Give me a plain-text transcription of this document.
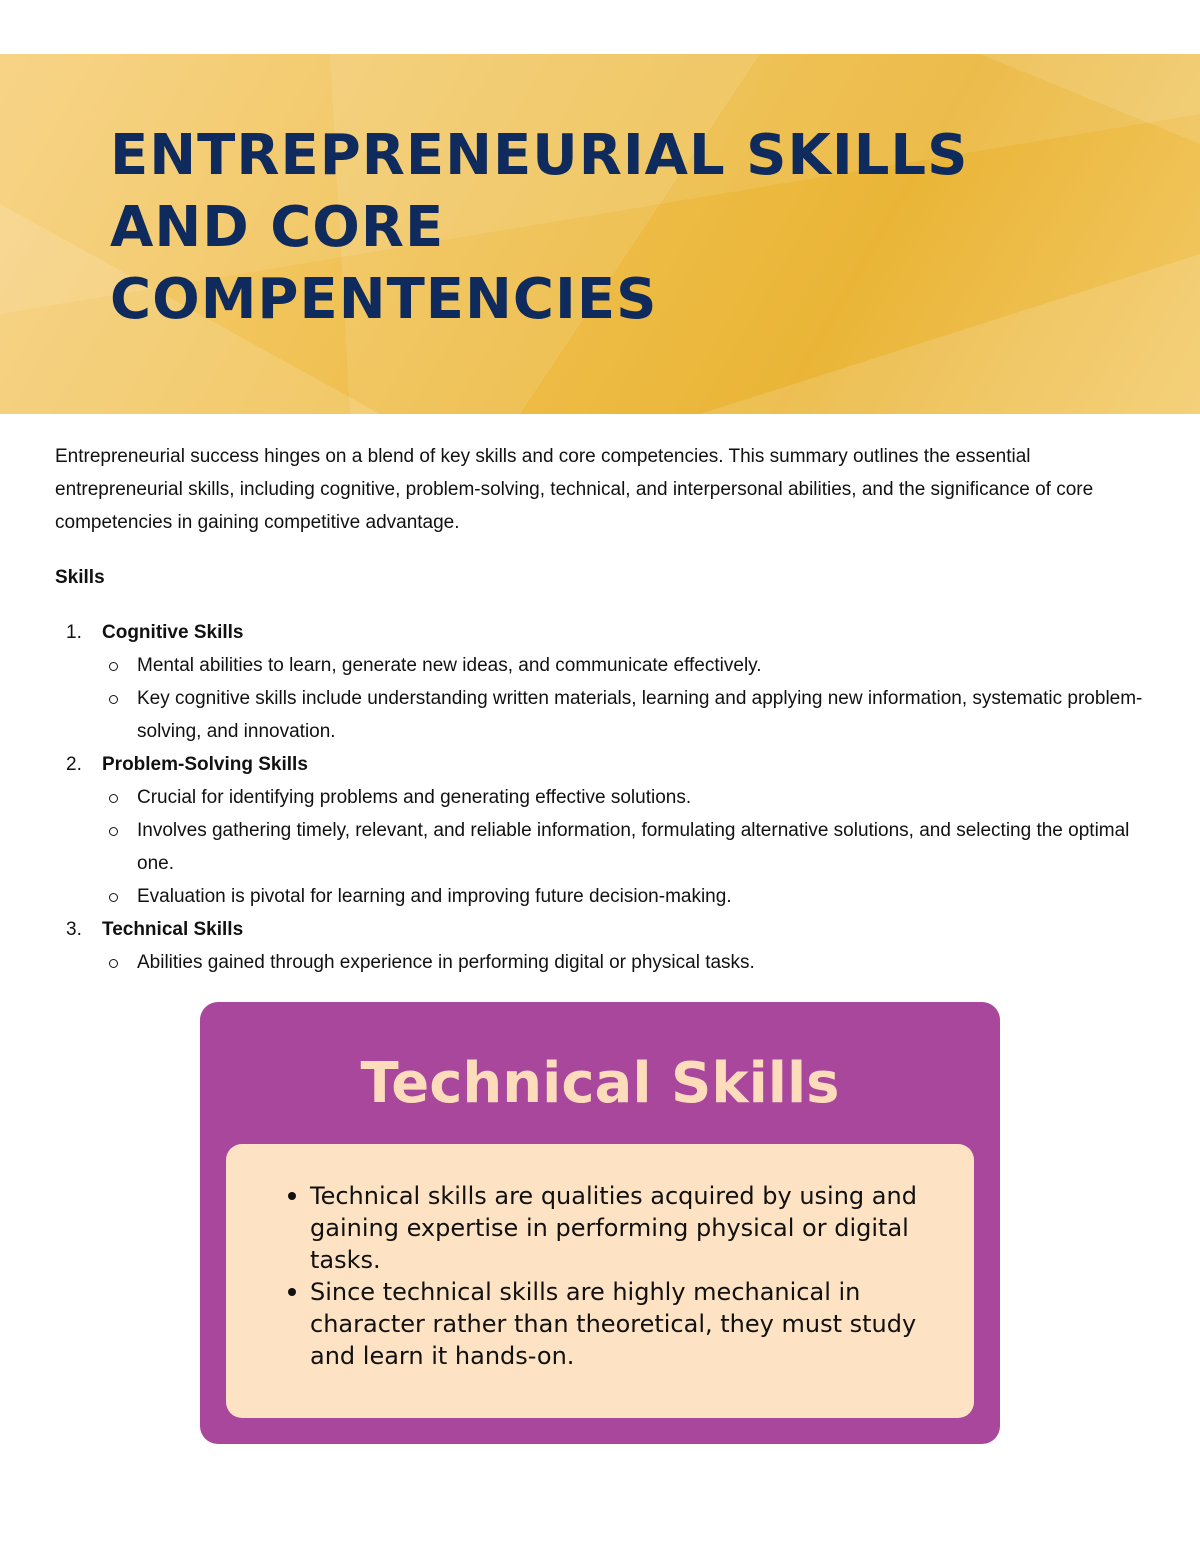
ENTREPRENEURIAL SKILLS
AND CORE
COMPENTENCIES

Entrepreneurial success hinges on a blend of key skills and core competencies. This summary outlines the essential entrepreneurial skills, including cognitive, problem-solving, technical, and interpersonal abilities, and the significance of core competencies in gaining competitive advantage.

Skills
1. Cognitive Skills
Mental abilities to learn, generate new ideas, and communicate effectively.
Key cognitive skills include understanding written materials, learning and applying new information, systematic problem-solving, and innovation.
2. Problem-Solving Skills
Crucial for identifying problems and generating effective solutions.
Involves gathering timely, relevant, and reliable information, formulating alternative solutions, and selecting the optimal one.
Evaluation is pivotal for learning and improving future decision-making.
3. Technical Skills
Abilities gained through experience in performing digital or physical tasks.
Technical Skills
Technical skills are qualities acquired by using and gaining expertise in performing physical or digital tasks.
Since technical skills are highly mechanical in character rather than theoretical, they must study and learn it hands-on.
